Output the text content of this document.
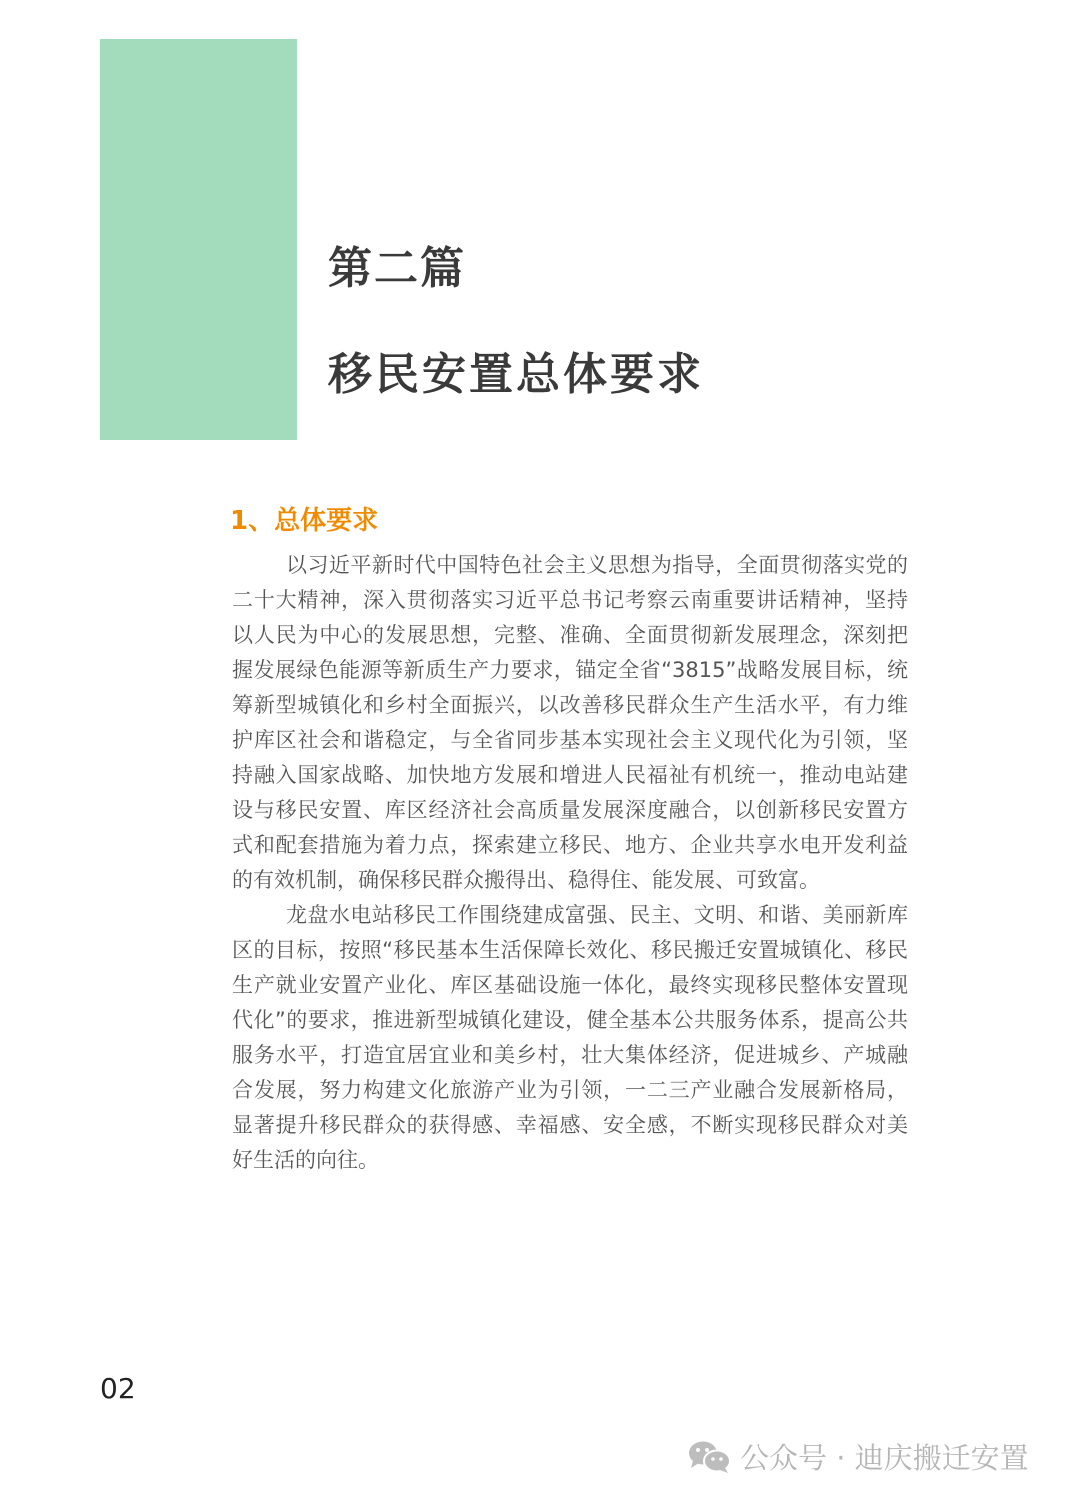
第二篇
移民安置总体要求
1、总体要求
以习近平新时代中国特色社会主义思想为指导，全面贯彻落实党的
二十大精神，深入贯彻落实习近平总书记考察云南重要讲话精神，坚持
以人民为中心的发展思想，完整、准确、全面贯彻新发展理念，深刻把
握发展绿色能源等新质生产力要求，锚定全省“3815”战略发展目标，统
筹新型城镇化和乡村全面振兴，以改善移民群众生产生活水平，有力维
护库区社会和谐稳定，与全省同步基本实现社会主义现代化为引领，坚
持融入国家战略、加快地方发展和增进人民福祉有机统一，推动电站建
设与移民安置、库区经济社会高质量发展深度融合，以创新移民安置方
式和配套措施为着力点，探索建立移民、地方、企业共享水电开发利益
的有效机制，确保移民群众搬得出、稳得住、能发展、可致富。
龙盘水电站移民工作围绕建成富强、民主、文明、和谐、美丽新库
区的目标，按照“移民基本生活保障长效化、移民搬迁安置城镇化、移民
生产就业安置产业化、库区基础设施一体化，最终实现移民整体安置现
代化”的要求，推进新型城镇化建设，健全基本公共服务体系，提高公共
服务水平，打造宜居宜业和美乡村，壮大集体经济，促进城乡、产城融
合发展，努力构建文化旅游产业为引领，一二三产业融合发展新格局，
显著提升移民群众的获得感、幸福感、安全感，不断实现移民群众对美
好生活的向往。
02
公众号 · 迪庆搬迁安置
